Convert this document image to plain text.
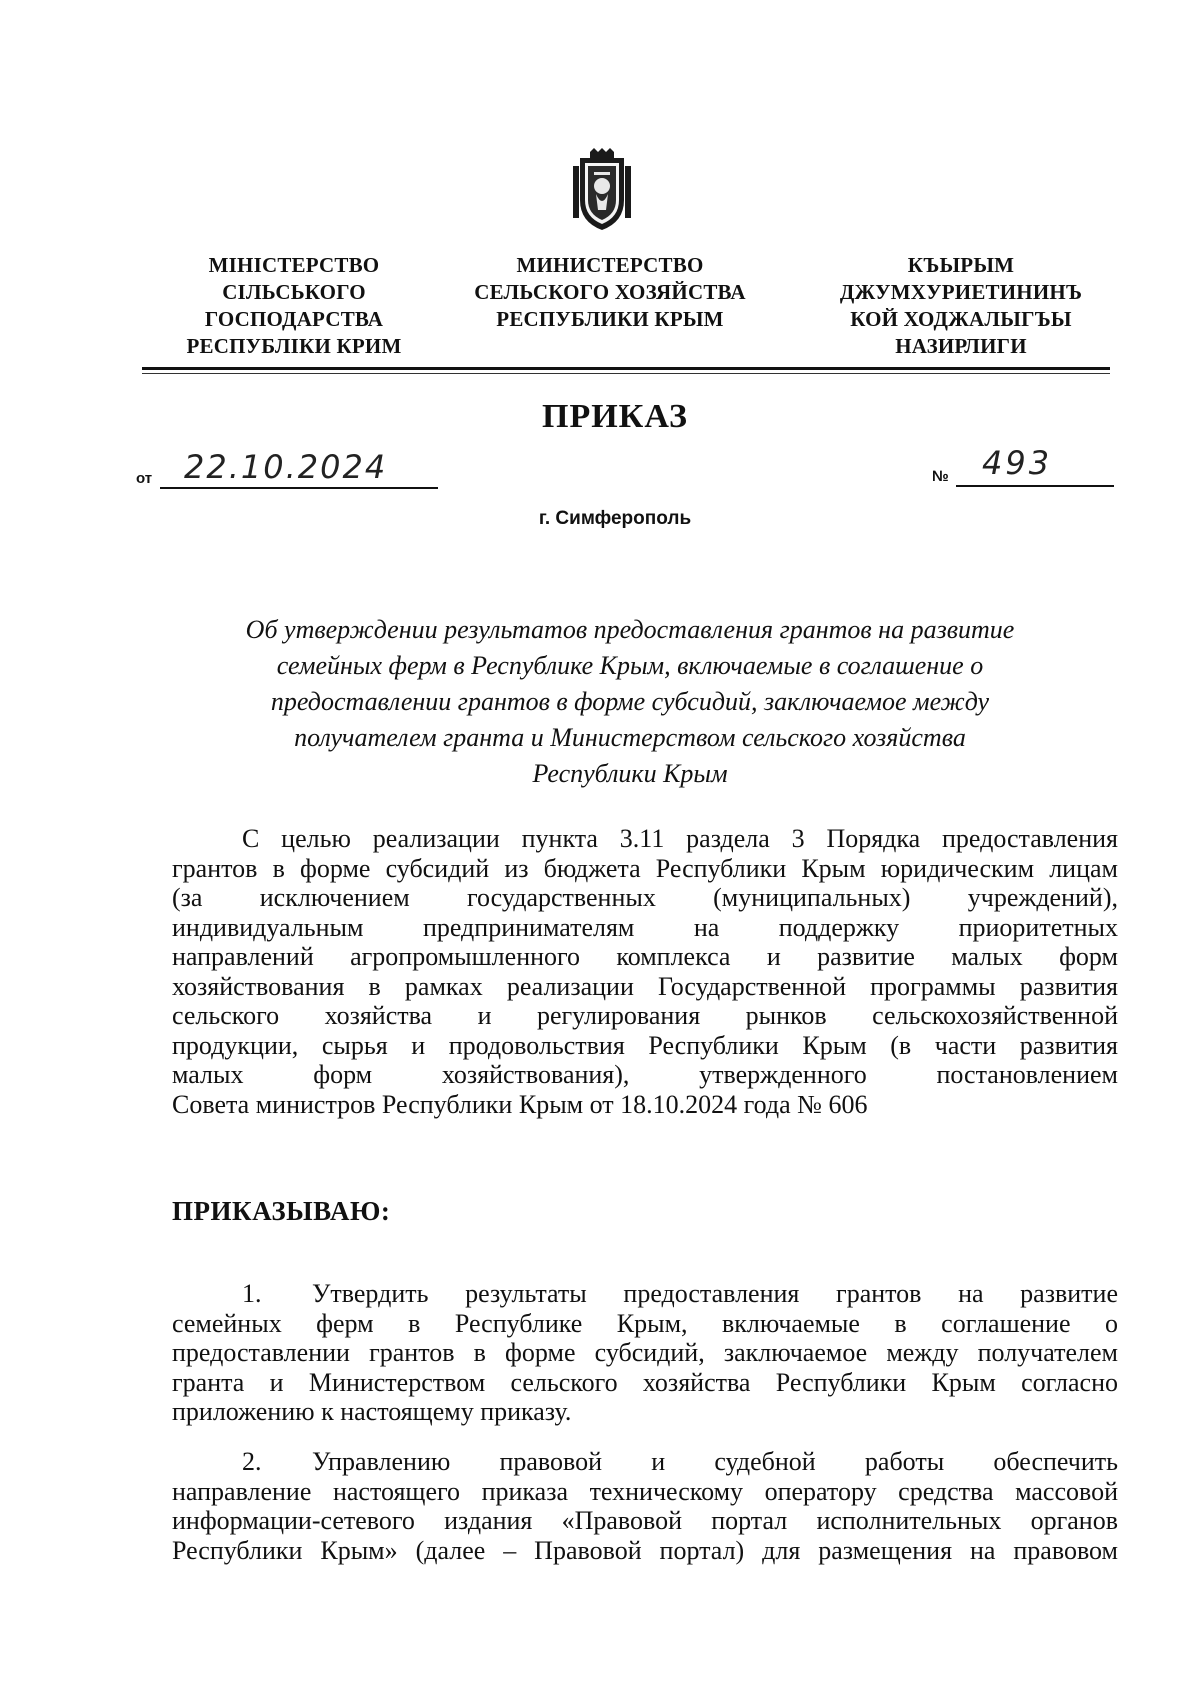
МІНІСТЕРСТВО
СІЛЬСЬКОГО
ГОСПОДАРСТВА
РЕСПУБЛІКИ КРИМ
МИНИСТЕРСТВО
СЕЛЬСКОГО ХОЗЯЙСТВА
РЕСПУБЛИКИ КРЫМ
КЪЫРЫМ
ДЖУМХУРИЕТИНИНЪ
КОЙ ХОДЖАЛЫГЪЫ
НАЗИРЛИГИ
ПРИКАЗ
от 22.10.2024	№ 493
г. Симферополь
Об утверждении результатов предоставления грантов на развитие
семейных ферм в Республике Крым, включаемые в соглашение о
предоставлении грантов в форме субсидий, заключаемое между
получателем гранта и Министерством сельского хозяйства
Республики Крым
С целью реализации пункта 3.11 раздела 3 Порядка предоставления
грантов в форме субсидий из бюджета Республики Крым юридическим лицам
(за исключением государственных (муниципальных) учреждений),
индивидуальным предпринимателям на поддержку приоритетных
направлений агропромышленного комплекса и развитие малых форм
хозяйствования в рамках реализации Государственной программы развития
сельского хозяйства и регулирования рынков сельскохозяйственной
продукции, сырья и продовольствия Республики Крым (в части развития
малых форм хозяйствования), утвержденного постановлением
Совета министров Республики Крым от 18.10.2024 года № 606
ПРИКАЗЫВАЮ:
1. Утвердить результаты предоставления грантов на развитие
семейных ферм в Республике Крым, включаемые в соглашение о
предоставлении грантов в форме субсидий, заключаемое между получателем
гранта и Министерством сельского хозяйства Республики Крым согласно
приложению к настоящему приказу.
2. Управлению правовой и судебной работы обеспечить
направление настоящего приказа техническому оператору средства массовой
информации-сетевого издания «Правовой портал исполнительных органов
Республики Крым» (далее – Правовой портал) для размещения на правовом
